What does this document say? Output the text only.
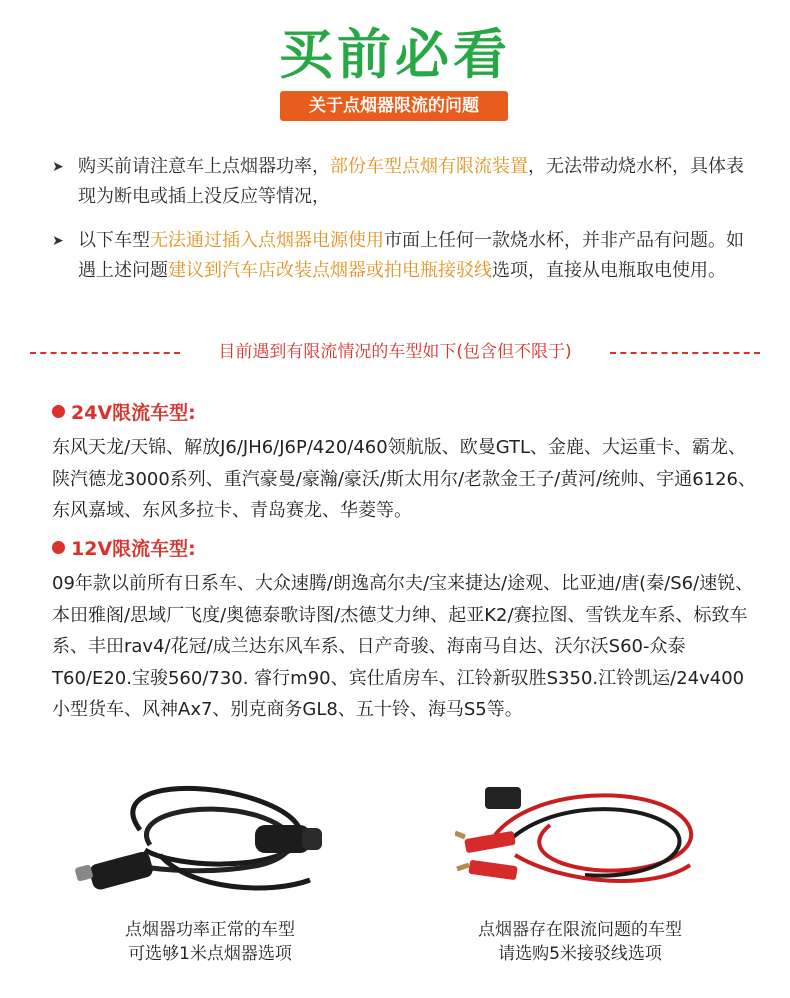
买前必看
关于点烟器限流的问题
➤ 购买前请注意车上点烟器功率，部份车型点烟有限流装置，无法带动烧水杯，具体表现为断电或插上没反应等情况，
➤ 以下车型无法通过插入点烟器电源使用市面上任何一款烧水杯，并非产品有问题。如遇上述问题建议到汽车店改装点烟器或拍电瓶接驳线选项，直接从电瓶取电使用。
目前遇到有限流情况的车型如下(包含但不限于)
24V限流车型:
东风天龙/天锦、解放J6/JH6/J6P/420/460领航版、欧曼GTL、金鹿、大运重卡、霸龙、陕汽德龙3000系列、重汽豪曼/豪瀚/豪沃/斯太用尔/老款金王子/黄河/统帅、宇通6126、东风嘉域、东风多拉卡、青岛赛龙、华菱等。
12V限流车型:
09年款以前所有日系车、大众速腾/朗逸高尔夫/宝来捷达/途观、比亚迪/唐(秦/S6/速锐、本田雅阁/思域厂飞度/奥德泰歌诗图/杰德艾力绅、起亚K2/赛拉图、雪铁龙车系、标致车系、丰田rav4/花冠/成兰达东风车系、日产奇骏、海南马自达、沃尔沃S60-众泰T60/E20.宝骏560/730. 睿行m90、宾仕盾房车、江铃新驭胜S350.江铃凯运/24v400小型货车、风神Ax7、别克商务GL8、五十铃、海马S5等。
点烟器功率正常的车型
可选够1米点烟器选项
点烟器存在限流问题的车型
请选购5米接驳线选项
